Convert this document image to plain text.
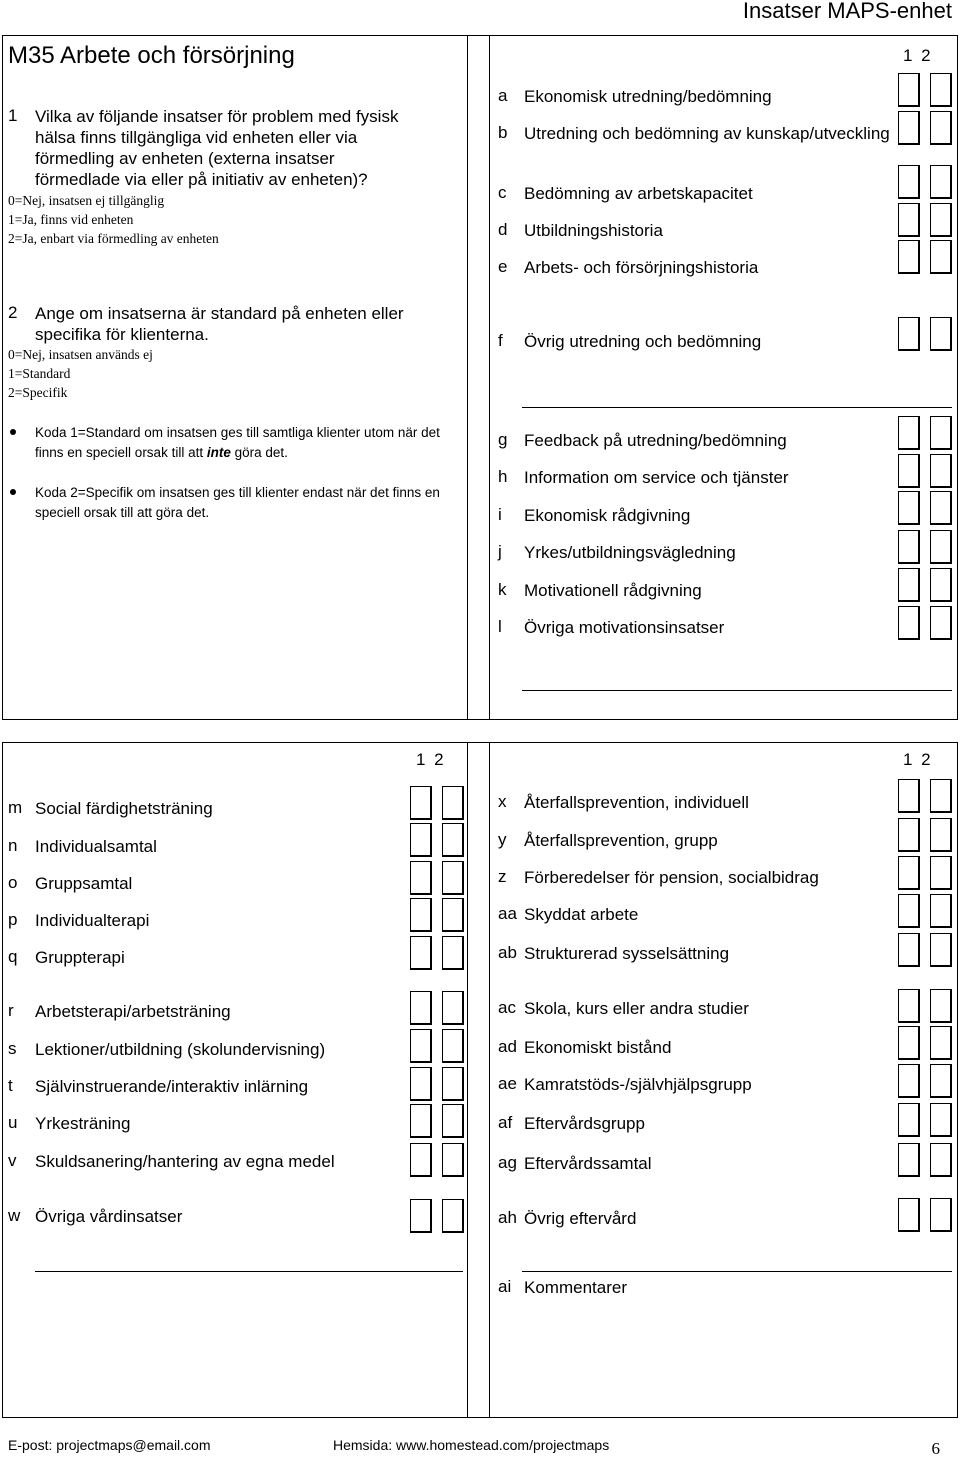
Insatser MAPS-enhet
M35 Arbete och försörjning
1 Vilka av följande insatser för problem med fysisk
hälsa finns tillgängliga vid enheten eller via
förmedling av enheten (externa insatser
förmedlade via eller på initiativ av enheten)?
0=Nej, insatsen ej tillgänglig
1=Ja, finns vid enheten
2=Ja, enbart via förmedling av enheten
2 Ange om insatserna är standard på enheten eller
specifika för klienterna.
0=Nej, insatsen används ej
1=Standard
2=Specifik
Koda 1=Standard om insatsen ges till samtliga klienter utom när det finns en speciell orsak till att inte göra det.
Koda 2=Specifik om insatsen ges till klienter endast när det finns en speciell orsak till att göra det.
1 2
1 2	1 2
a Ekonomisk utredning/bedömning
b Utredning och bedömning av kunskap/utveckling
c Bedömning av arbetskapacitet
d Utbildningshistoria
e Arbets- och försörjningshistoria
f Övrig utredning och bedömning
g Feedback på utredning/bedömning
h Information om service och tjänster
i Ekonomisk rådgivning
j Yrkes/utbildningsvägledning
k Motivationell rådgivning
l Övriga motivationsinsatser
m Social färdighetsträning
n Individualsamtal
o Gruppsamtal
p Individualterapi
q Gruppterapi
r Arbetsterapi/arbetsträning
s Lektioner/utbildning (skolundervisning)
t Självinstruerande/interaktiv inlärning
u Yrkesträning
v Skuldsanering/hantering av egna medel
w Övriga vårdinsatser
x Återfallsprevention, individuell
y Återfallsprevention, grupp
z Förberedelser för pension, socialbidrag
aa Skyddat arbete
ab Strukturerad sysselsättning
ac Skola, kurs eller andra studier
ad Ekonomiskt bistånd
ae Kamratstöds-/självhjälpsgrupp
af Eftervårdsgrupp
ag Eftervårdssamtal
ah Övrig eftervård
ai Kommentarer
E-post: projectmaps@email.com	Hemsida: www.homestead.com/projectmaps	6
